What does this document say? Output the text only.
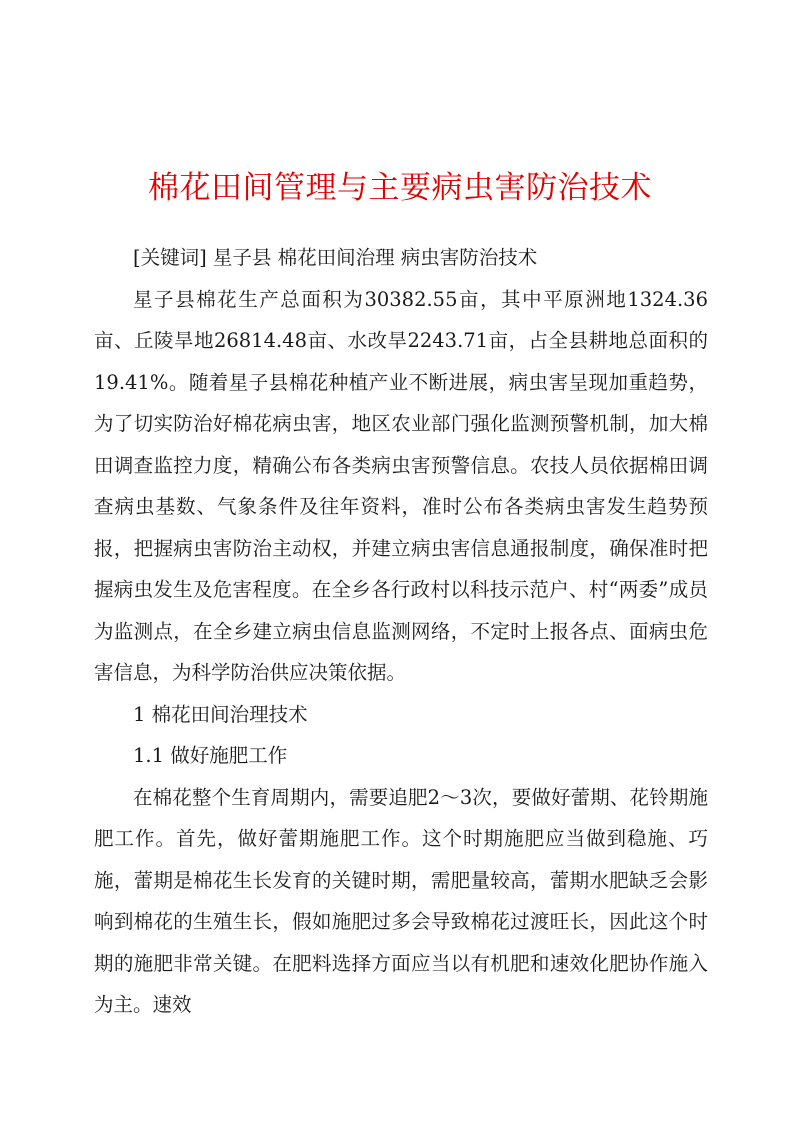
棉花田间管理与主要病虫害防治技术

[关键词] 星子县 棉花田间治理 病虫害防治技术

星子县棉花生产总面积为30382.55亩，其中平原洲地1324.36亩、丘陵旱地26814.48亩、水改旱2243.71亩，占全县耕地总面积的19.41%。随着星子县棉花种植产业不断进展，病虫害呈现加重趋势，为了切实防治好棉花病虫害，地区农业部门强化监测预警机制，加大棉田调查监控力度，精确公布各类病虫害预警信息。农技人员依据棉田调查病虫基数、气象条件及往年资料，准时公布各类病虫害发生趋势预报，把握病虫害防治主动权，并建立病虫害信息通报制度，确保准时把握病虫发生及危害程度。在全乡各行政村以科技示范户、村“两委”成员为监测点，在全乡建立病虫信息监测网络，不定时上报各点、面病虫危害信息，为科学防治供应决策依据。

1 棉花田间治理技术

1.1 做好施肥工作

在棉花整个生育周期内，需要追肥2～3次，要做好蕾期、花铃期施肥工作。首先，做好蕾期施肥工作。这个时期施肥应当做到稳施、巧施，蕾期是棉花生长发育的关键时期，需肥量较高，蕾期水肥缺乏会影响到棉花的生殖生长，假如施肥过多会导致棉花过渡旺长，因此这个时期的施肥非常关键。在肥料选择方面应当以有机肥和速效化肥协作施入为主。速效
